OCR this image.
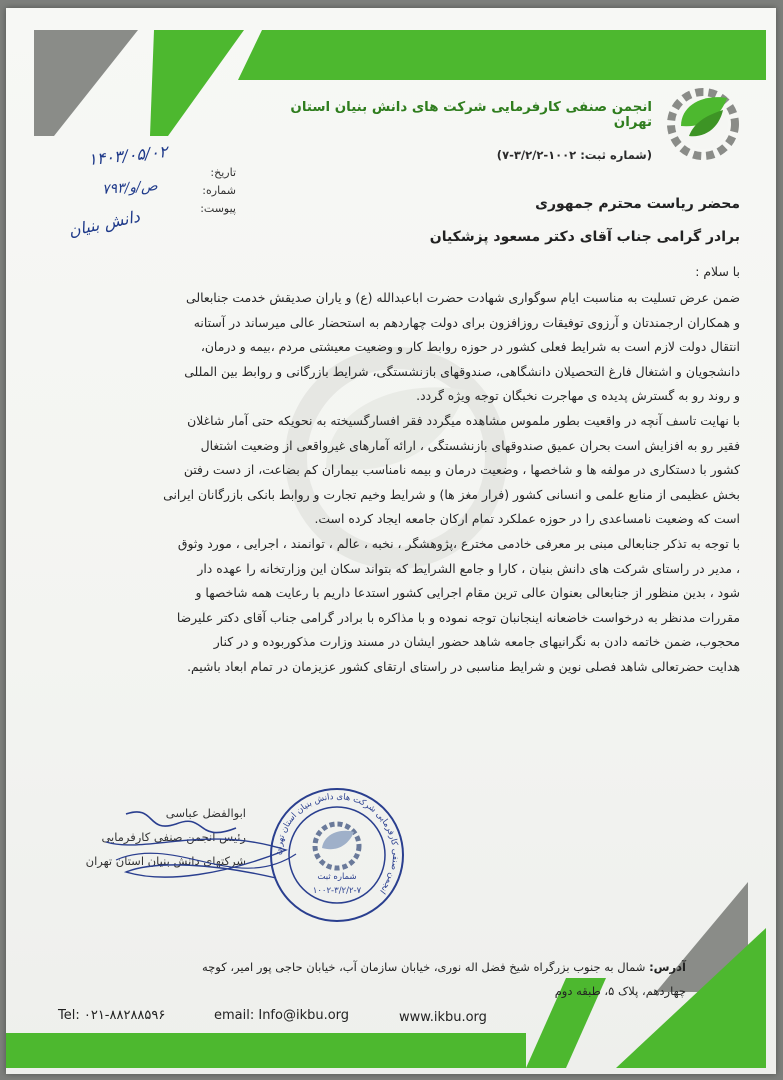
انجمن صنفی کارفرمایی شرکت های دانش بنیان استان تهران
(شماره ثبت: ۱۰۰۲-۳/۲/۲-۷)
تاریخ:
شماره:
پیوست:
۱۴۰۳/۰۵/۰۲
۷۹۳/ص/و
دانش بنیان
محضر ریاست محترم جمهوری
برادر گرامی جناب آقای دکتر مسعود پزشکیان
با سلام :
ضمن عرض تسلیت به مناسبت ایام سوگواری شهادت حضرت اباعبدالله (ع) و یاران صدیقش خدمت جنابعالی
و همکاران ارجمندتان و آرزوی توفیقات روزافزون برای دولت چهاردهم به استحضار عالی میرساند در آستانه
انتقال دولت لازم است به شرایط فعلی کشور در حوزه روابط کار و وضعیت معیشتی مردم ،بیمه و درمان،
دانشجویان و اشتغال فارغ التحصیلان دانشگاهی، صندوقهای بازنشستگی، شرایط بازرگانی و روابط بین المللی
و روند رو به گسترش پدیده ی مهاجرت نخبگان توجه ویژه گردد.
با نهایت تاسف آنچه در واقعیت بطور ملموس مشاهده میگردد فقر افسارگسیخته به نحویکه حتی آمار شاغلان
فقیر رو به افزایش است بحران عمیق صندوقهای بازنشستگی ، ارائه آمارهای غیرواقعی از وضعیت اشتغال
کشور با دستکاری در مولفه ها و شاخصها ، وضعیت درمان و بیمه نامناسب بیماران کم بضاعت، از دست رفتن
بخش عظیمی از منابع علمی و انسانی کشور (فرار مغز ها) و شرایط وخیم تجارت و روابط بانکی بازرگانان ایرانی
است که وضعیت نامساعدی را در حوزه عملکرد تمام ارکان جامعه ایجاد کرده است.
با توجه به تذکر جنابعالی مبنی بر معرفی خادمی مخترع ،پژوهشگر ، نخبه ، عالم ، توانمند ، اجرایی ، مورد وثوق
، مدیر در راستای شرکت های دانش بنیان ، کارا و جامع الشرایط که بتواند سکان این وزارتخانه را عهده دار
شود ، بدین منظور از جنابعالی بعنوان عالی ترین مقام اجرایی کشور استدعا داریم با رعایت همه شاخصها و
مقررات مدنظر به درخواست خاضعانه اینجانبان توجه نموده و با مذاکره با برادر گرامی جناب آقای دکتر علیرضا
محجوب، ضمن خاتمه دادن به نگرانیهای جامعه شاهد حضور ایشان در مسند وزارت مذکوربوده و در کنار
هدایت حضرتعالی شاهد فصلی نوین و شرایط مناسبی در راستای ارتقای کشور عزیزمان در تمام ابعاد باشیم.
ابوالفضل عباسی
رئیس انجمن صنفی کارفرمایی
شرکتهای دانش بنیان استان تهران
انجمن صنفی کارفرمایی شرکت های دانش بنیان استان تهران
شماره ثبت
۱۰۰۲-۳/۲/۲-۷
آدرس: شمال به جنوب بزرگراه شیخ فضل اله نوری، خیابان سازمان آب، خیابان حاجی پور امیر، کوچه
چهاردهم، پلاک ۵، طبقه دوم
Tel: ۰۲۱-۸۸۲۸۸۵۹۶	email: Info@ikbu.org	www.ikbu.org
